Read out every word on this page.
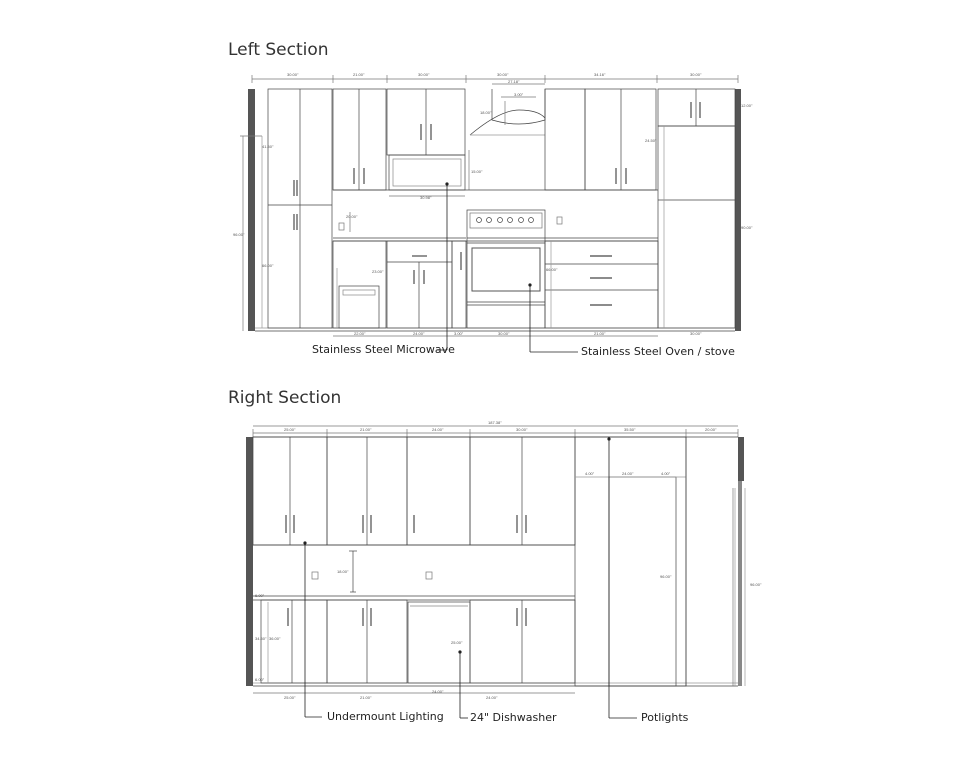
Left Section
Right Section
Stainless Steel Microwave	Stainless Steel Oven / stove
Undermount Lighting 24" Dishwasher	Potlights
30.00"	21.00"	30.00"	30.00"	34.16"	30.00"
41.50"
96.00"
66.00"
30.98"
15.00"
27.18"
3.00"
18.00"
24.50"
12.00"
90.00"
20.00"
23.00"	66.00"
22.00"	24.00"	3.00"	30.00"	21.00"	30.00"
187.38"
25.00"	21.00"	24.00"	30.00"	35.50"	20.00"
4.00"	24.00"	4.00"
96.00"
96.00"
18.00"
6.00"
34.50" 36.00"
6.00"
25.00"
25.00"	21.00"
24.00"
24.00"
